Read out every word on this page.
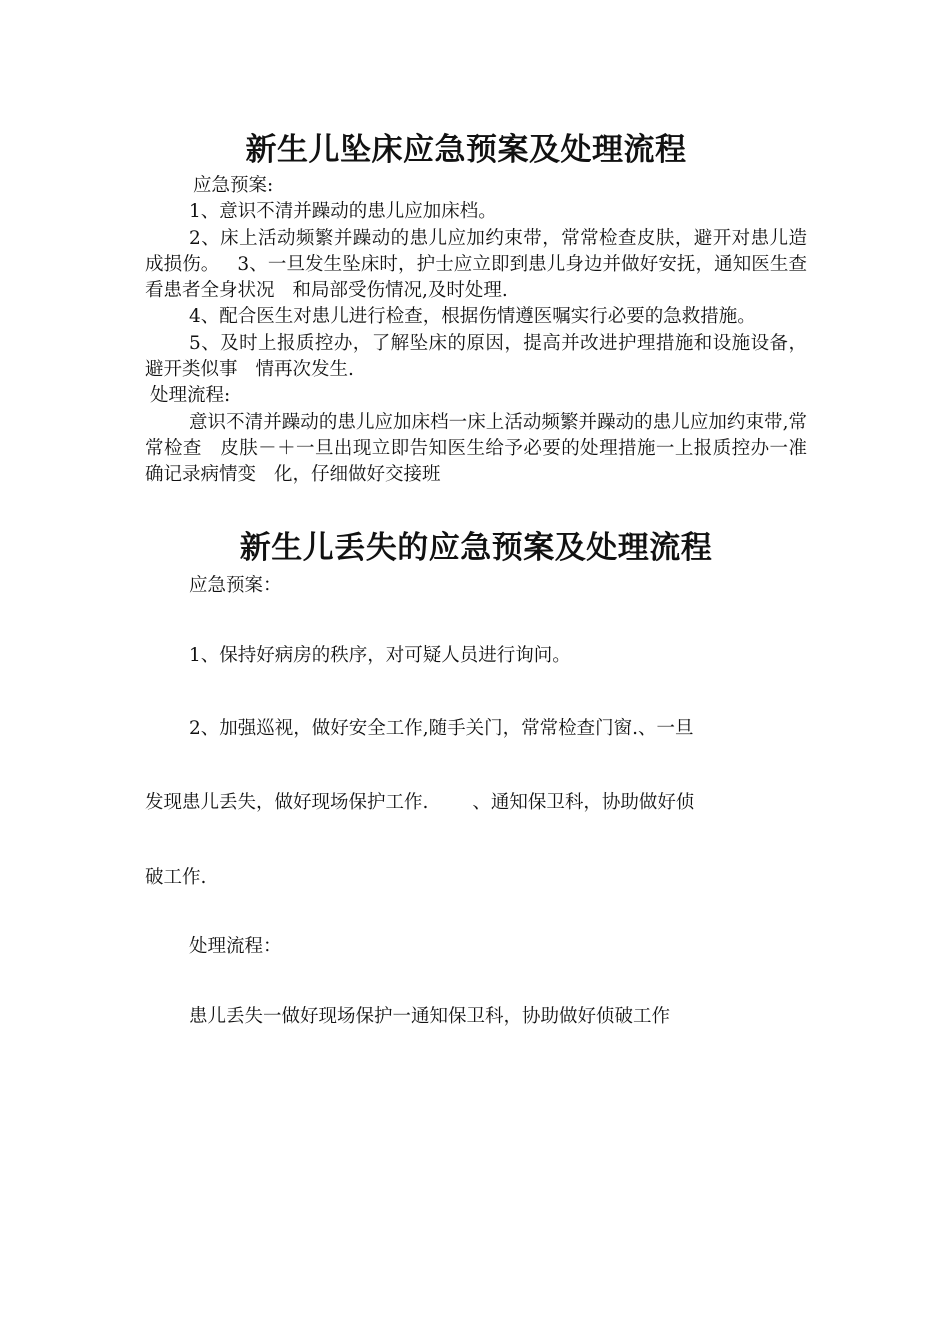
新生儿坠床应急预案及处理流程

应急预案:

1、意识不清并躁动的患儿应加床档。

2、床上活动频繁并躁动的患儿应加约束带，常常检查皮肤，避开对患儿造成损伤。 3、一旦发生坠床时，护士应立即到患儿身边并做好安抚，通知医生查看患者全身状况 和局部受伤情况,及时处理.

4、配合医生对患儿进行检查，根据伤情遵医嘱实行必要的急救措施。

5、及时上报质控办，了解坠床的原因，提高并改进护理措施和设施设备，避开类似事 情再次发生.

处理流程:

意识不清并躁动的患儿应加床档一床上活动频繁并躁动的患儿应加约束带,常常检查 皮肤－＋一旦出现立即告知医生给予必要的处理措施一上报质控办一准确记录病情变 化，仔细做好交接班

新生儿丢失的应急预案及处理流程

应急预案：

1、保持好病房的秩序，对可疑人员进行询问。

2、加强巡视，做好安全工作,随手关门，常常检查门窗.、一旦

发现患儿丢失，做好现场保护工作. 、通知保卫科，协助做好侦

破工作.

处理流程：

患儿丢失一做好现场保护一通知保卫科，协助做好侦破工作
